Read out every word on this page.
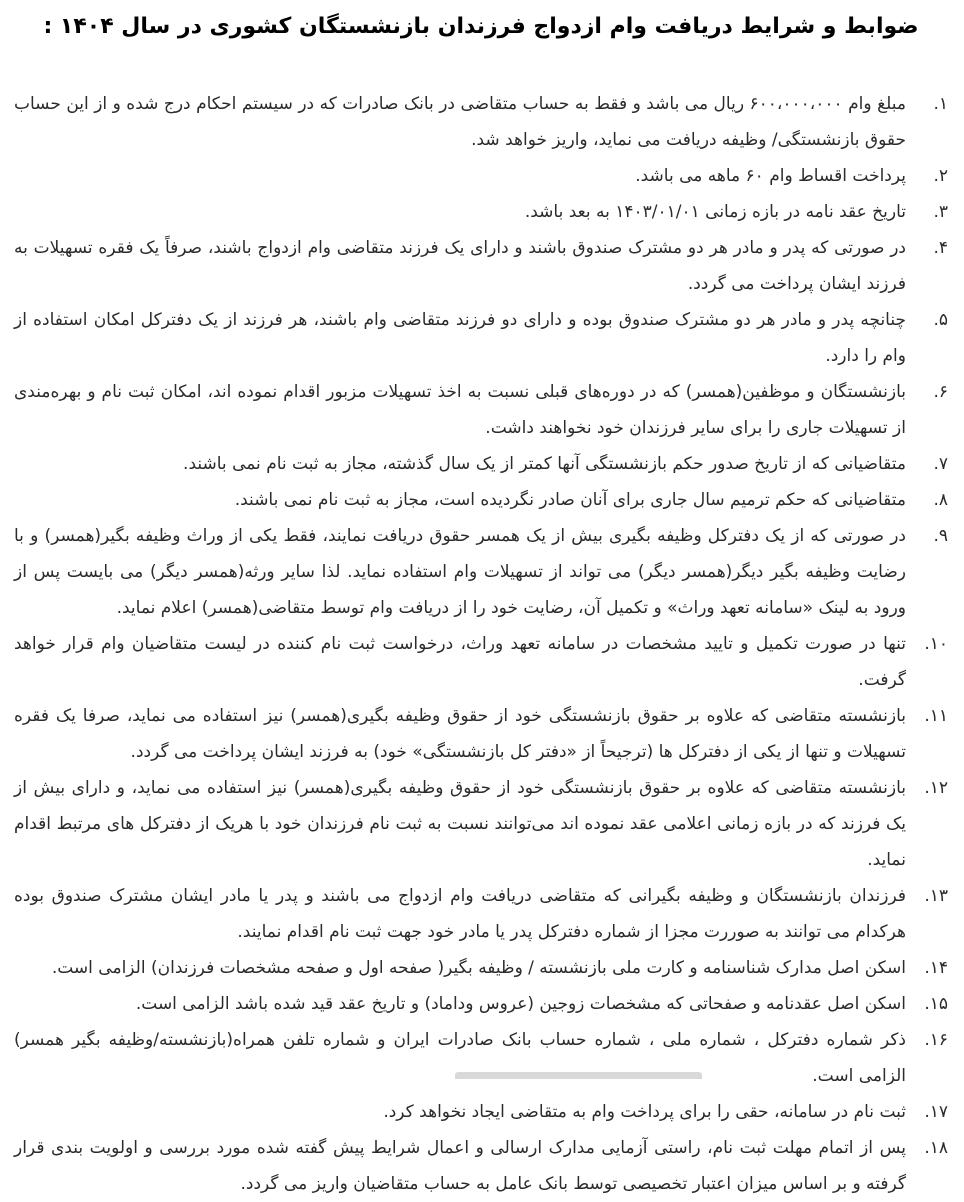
ضوابط و شرایط دریافت وام ازدواج فرزندان بازنشستگان کشوری در سال ۱۴۰۴ :
۱.
مبلغ وام ۶۰۰،۰۰۰،۰۰۰ ریال می باشد و فقط به حساب متقاضی در بانک صادرات که در سیستم احکام درج شده و از این حساب حقوق بازنشستگی/ وظیفه دریافت می نماید، واریز خواهد شد.
۲.
پرداخت اقساط وام ۶۰ ماهه می باشد.
۳.
تاریخ عقد نامه در بازه زمانی ۱۴۰۳/۰۱/۰۱ به بعد باشد.
۴.
در صورتی که پدر و مادر هر دو مشترک صندوق باشند و دارای یک فرزند متقاضی وام ازدواج باشند، صرفاً یک فقره تسهیلات به فرزند ایشان پرداخت می گردد.
۵.
چنانچه پدر و مادر هر دو مشترک صندوق بوده و دارای دو فرزند متقاضی وام باشند، هر فرزند از یک دفترکل امکان استفاده از وام را دارد.
۶.
بازنشستگان و موظفین(همسر) که در دوره‌های قبلی نسبت به اخذ تسهیلات مزبور اقدام نموده اند، امکان ثبت نام و بهره‌مندی از تسهیلات جاری را برای سایر فرزندان خود نخواهند داشت.
۷.
متقاضیانی که از تاریخ صدور حکم بازنشستگی آنها کمتر از یک سال گذشته، مجاز به ثبت نام نمی باشند.
۸.
متقاضیانی که حکم ترمیم سال جاری برای آنان صادر نگردیده است، مجاز به ثبت نام نمی باشند.
۹.
در صورتی که از یک دفترکل وظیفه بگیری بیش از یک همسر حقوق دریافت نمایند، فقط یکی از وراث وظیفه بگیر(همسر) و با رضایت وظیفه بگیر دیگر(همسر دیگر) می تواند از تسهیلات وام استفاده نماید. لذا سایر ورثه(همسر دیگر) می بایست پس از ورود به لینک «سامانه تعهد وراث» و تکمیل آن، رضایت خود را از دریافت وام توسط متقاضی(همسر) اعلام نماید.
۱۰.
تنها در صورت تکمیل و تایید مشخصات در سامانه تعهد وراث، درخواست ثبت نام کننده در لیست متقاضیان وام قرار خواهد گرفت.
۱۱.
بازنشسته متقاضی که علاوه بر حقوق بازنشستگی خود از حقوق وظیفه بگیری(همسر) نیز استفاده می نماید، صرفا یک فقره تسهیلات و تنها از یکی از دفترکل ها (ترجیحاً از «دفتر کل بازنشستگی» خود) به فرزند ایشان پرداخت می گردد.
۱۲.
بازنشسته متقاضی که علاوه بر حقوق بازنشستگی خود از حقوق وظیفه بگیری(همسر) نیز استفاده می نماید، و دارای بیش از یک فرزند که در بازه زمانی اعلامی عقد نموده اند می‌توانند نسبت به ثبت نام فرزندان خود با هریک از دفترکل های مرتبط اقدام نماید.
۱۳.
فرزندان بازنشستگان و وظیفه بگیرانی که متقاضی دریافت وام ازدواج می باشند و پدر یا مادر ایشان مشترک صندوق بوده هرکدام می توانند به صوررت مجزا از شماره دفترکل پدر یا مادر خود جهت ثبت نام اقدام نمایند.
۱۴.
اسکن اصل مدارک شناسنامه و کارت ملی بازنشسته / وظیفه بگیر( صفحه اول و صفحه مشخصات فرزندان) الزامی است.
۱۵.
اسکن اصل عقدنامه و صفحاتی که مشخصات زوجین (عروس وداماد) و تاریخ عقد قید شده باشد الزامی است.
۱۶.
ذکر شماره دفترکل ، شماره ملی ، شماره حساب بانک صادرات ایران و شماره تلفن همراه(بازنشسته/وظیفه بگیر همسر) الزامی است.
۱۷.
ثبت نام در سامانه، حقی را برای پرداخت وام به متقاضی ایجاد نخواهد کرد.
۱۸.
پس از اتمام مهلت ثبت نام، راستی آزمایی مدارک ارسالی و اعمال شرایط پیش گفته شده مورد بررسی و اولویت بندی قرار گرفته و بر اساس میزان اعتبار تخصیصی توسط بانک عامل به حساب متقاضیان واریز می گردد.
